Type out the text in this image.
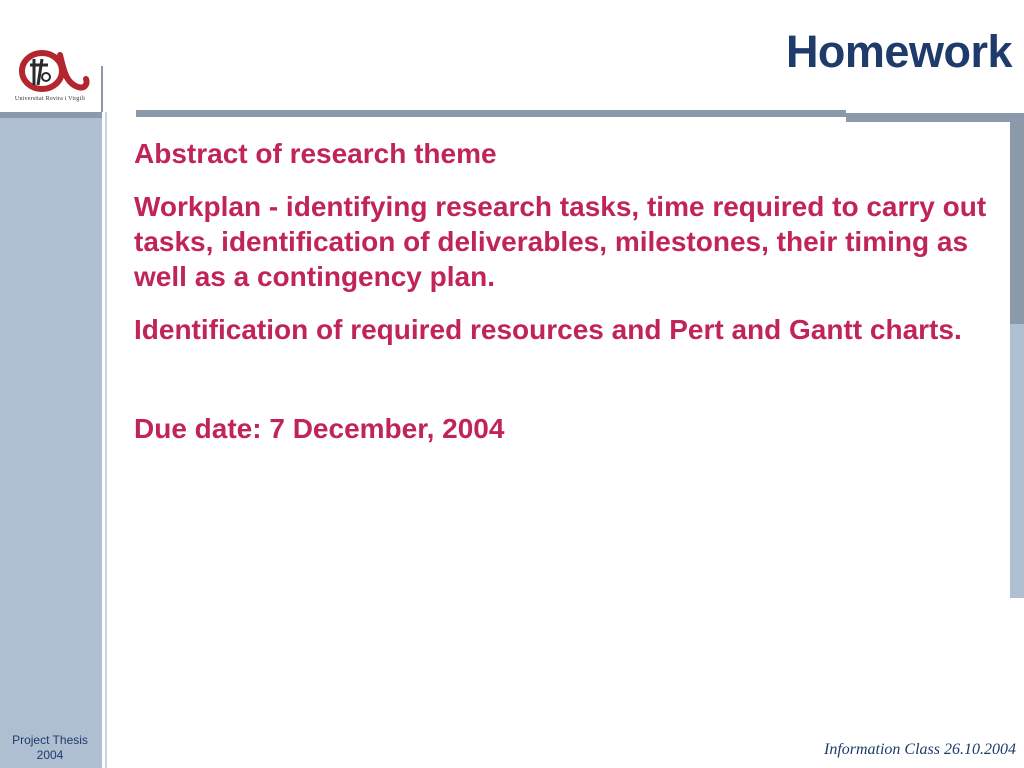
Universitat Rovira i Virgili
Homework

Abstract of research theme

Workplan - identifying research tasks, time required to carry out tasks, identification of deliverables, milestones, their timing as well as a contingency plan.

Identification of required resources and Pert and Gantt charts.

Due date: 7 December, 2004

Project Thesis
2004	Information Class 26.10.2004
